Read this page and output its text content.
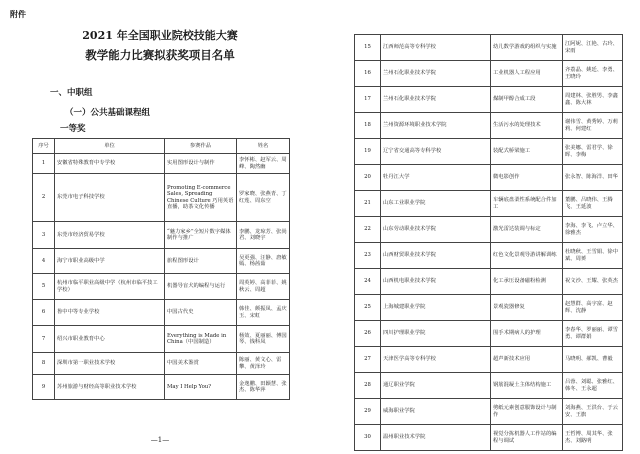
附件
2021 年全国职业院校技能大赛
教学能力比赛拟获奖项目名单
一、中职组
（一）公共基础课程组
一等奖
序号	单位	参赛作品	姓名
1	安徽省特殊教育中专学校	实用图形设计与制作	李怀彬、赵军云、周峰、陶然幽
2	东莞市电子科技学校	Promoting E-commerce Sales, Spreading Chinese Culture 巧用英语直播，助茶文化传播	罗家晓、张燕青、丁红莲、周东空
3	东莞市经济贸易学校	“魅力家乡”全短片数字媒体制作与推广	李鹏、龙琼芳、张尚君、刘晓宇
4	海宁市职业高级中学	旅程图形设计	吴更强、汪静、唐敏嫣、杨茜茹
5	杭州市临平职业高级中学（杭州市临平技工学校）	机器导盲犬的编程与运行	周英婷、高菲菲、姚秋云、周超
6	鲁中中等专业学校	中国古代史	韩佳、颜振凤、孟庆玉、宋虹
7	绍兴市职业教育中心	Everything is Made in China（中国制造）	杨效、夏丽丽、傅国琴、钱科凤
8	深圳市第一职业技术学校	中国美术鉴赏	陈丽、黄文心、雷攀、黄泽玲
9	苏州旅游与财经高等职业技术学校	May I Help You?	金逸鹏、田颖慧、张杰、陈华萍
—1—
15	江西师范高等专科学校	幼儿数学游戏的组织与实施	江阿妮、江艳、古玲、宋雨
16	兰州石化职业技术学院	工业机器人工程应用	齐荔晶、姚廷、李勇、王晓玲
17	兰州石化职业技术学院	煤制甲醇合成工段	周建林、张胜男、李鑫鑫、陈大林
18	兰州资源环境职业技术学院	生活污水的处理技术	谢伟雪、黄秀婷、万莉莉、何建红
19	辽宁省交通高等专科学校	装配式桥梁施工	张美娜、雷君学、徐晖、李梅
20	牡丹江大学	微电影创作	张永智、陈海洋、田华
21	山东工业职业学院	车辆底盘柔性系统配合件加工	董鹏、吕晓伟、王腾飞、王延波
22	山东劳动职业技术学院	激光雷达装调与标定	李海、李飞、卢立华、徐雅杰
23	山西财贸职业技术学院	红色文化景观导游讲解训练	杜晓秋、王雪娟、徐中斌、周赟
24	山西机电职业技术学院	化工承压设备磁粉检测	祝文沙、王耀、张英杰
25	上海城建职业学院	景观瓷器修复	赵慧群、高宇富、赵辉、沈静
26	四川护理职业学院	围手术期病人的护理	李春华、罗丽丽、谭雪勇、谭群娟
27	天津医学高等专科学校	超声新技术应用	马晓明、郝凯、曹毅
28	通辽职业学院	钢筋混凝土主体结构施工	吕蓉、刘聪、张雅红、韩冬、王永超
29	威海职业学院	剪纸元素创意服饰设计与制作	刘海燕、王洪台、于云安、王旗
30	温州职业技术学院	视觉分拣机器人工作站的编程与调试	王哲博、周其华、张杰、刘路明
